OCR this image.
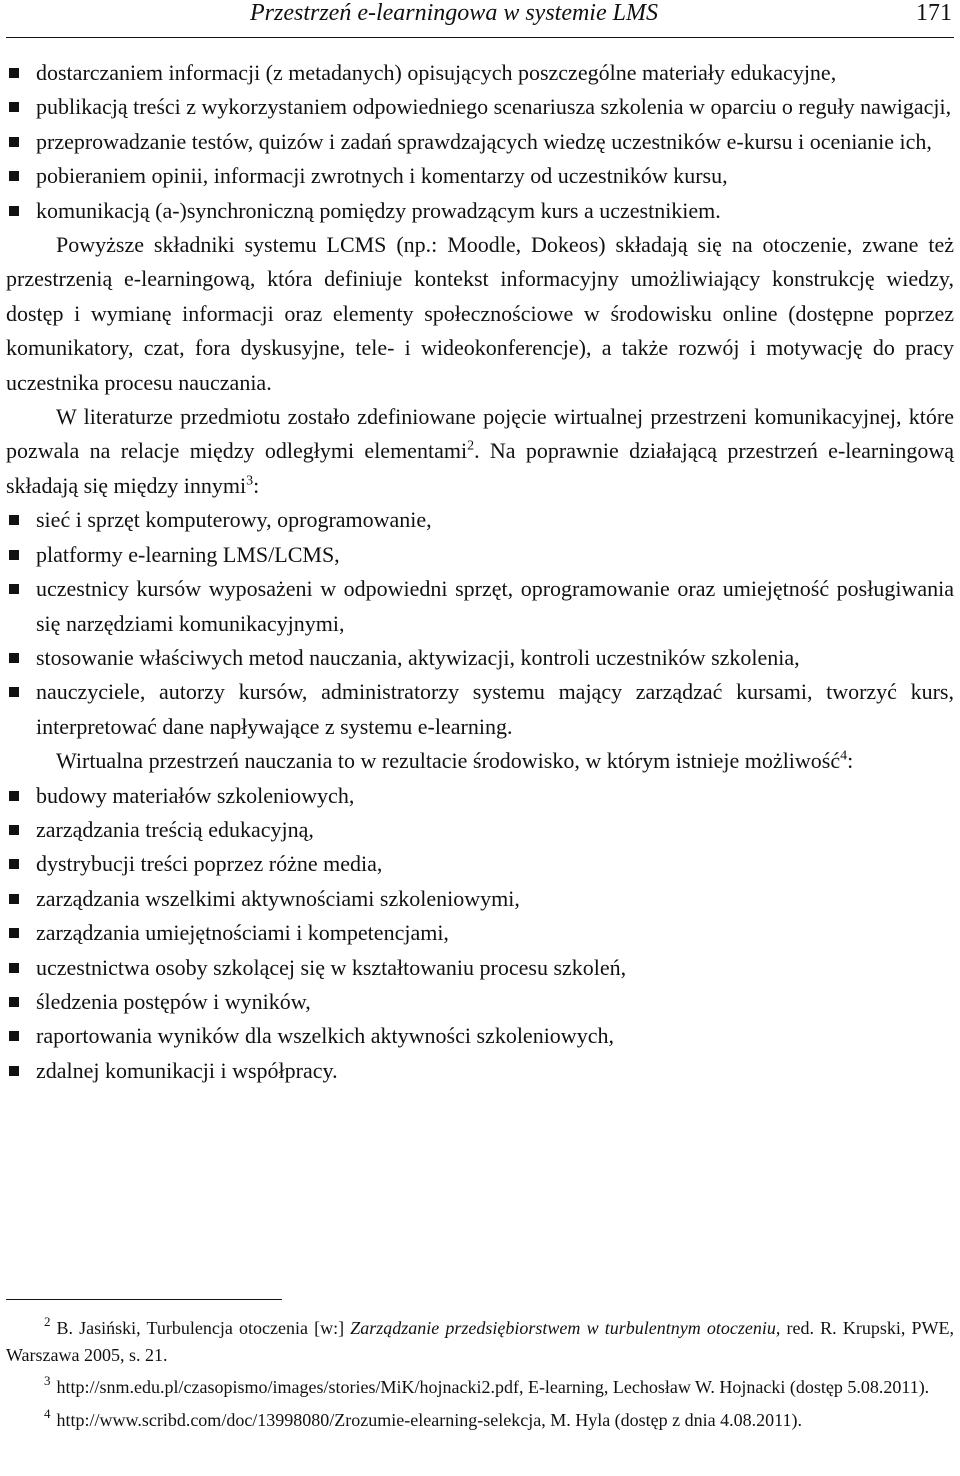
Przestrzeń e-learningowa w systemie LMS	171
dostarczaniem informacji (z metadanych) opisujących poszczególne materiały edukacyjne,
publikacją treści z wykorzystaniem odpowiedniego scenariusza szkolenia w oparciu o reguły nawigacji,
przeprowadzanie testów, quizów i zadań sprawdzających wiedzę uczestników e-kursu i ocenianie ich,
pobieraniem opinii, informacji zwrotnych i komentarzy od uczestników kursu,
komunikacją (a-)synchroniczną pomiędzy prowadzącym kurs a uczestnikiem.

Powyższe składniki systemu LCMS (np.: Moodle, Dokeos) składają się na otoczenie, zwane też przestrzenią e-learningową, która definiuje kontekst informacyjny umożliwiający konstrukcję wiedzy, dostęp i wymianę informacji oraz elementy społecznościowe w środowisku online (dostępne poprzez komunikatory, czat, fora dyskusyjne, tele- i wideokonferencje), a także rozwój i motywację do pracy uczestnika procesu nauczania.

W literaturze przedmiotu zostało zdefiniowane pojęcie wirtualnej przestrzeni komunikacyjnej, które pozwala na relacje między odległymi elementami$^2$. Na poprawnie działającą przestrzeń e-learningową składają się między innymi$^3$:

sieć i sprzęt komputerowy, oprogramowanie,
platformy e-learning LMS/LCMS,
uczestnicy kursów wyposażeni w odpowiedni sprzęt, oprogramowanie oraz umiejętność posługiwania się narzędziami komunikacyjnymi,
stosowanie właściwych metod nauczania, aktywizacji, kontroli uczestników szkolenia,
nauczyciele, autorzy kursów, administratorzy systemu mający zarządzać kursami, tworzyć kurs, interpretować dane napływające z systemu e-learning.

Wirtualna przestrzeń nauczania to w rezultacie środowisko, w którym istnieje możliwość$^4$:

budowy materiałów szkoleniowych,
zarządzania treścią edukacyjną,
dystrybucji treści poprzez różne media,
zarządzania wszelkimi aktywnościami szkoleniowymi,
zarządzania umiejętnościami i kompetencjami,
uczestnictwa osoby szkolącej się w kształtowaniu procesu szkoleń,
śledzenia postępów i wyników,
raportowania wyników dla wszelkich aktywności szkoleniowych,
zdalnej komunikacji i współpracy.

$^2$ B. Jasiński, Turbulencja otoczenia [w:] Zarządzanie przedsiębiorstwem w turbulentnym otoczeniu, red. R. Krupski, PWE, Warszawa 2005, s. 21.

$^3$ http://snm.edu.pl/czasopismo/images/stories/MiK/hojnacki2.pdf, E-learning, Lechosław W. Hojnacki (dostęp 5.08.2011).

$^4$ http://www.scribd.com/doc/13998080/Zrozumie-elearning-selekcja, M. Hyla (dostęp z dnia 4.08.2011).
